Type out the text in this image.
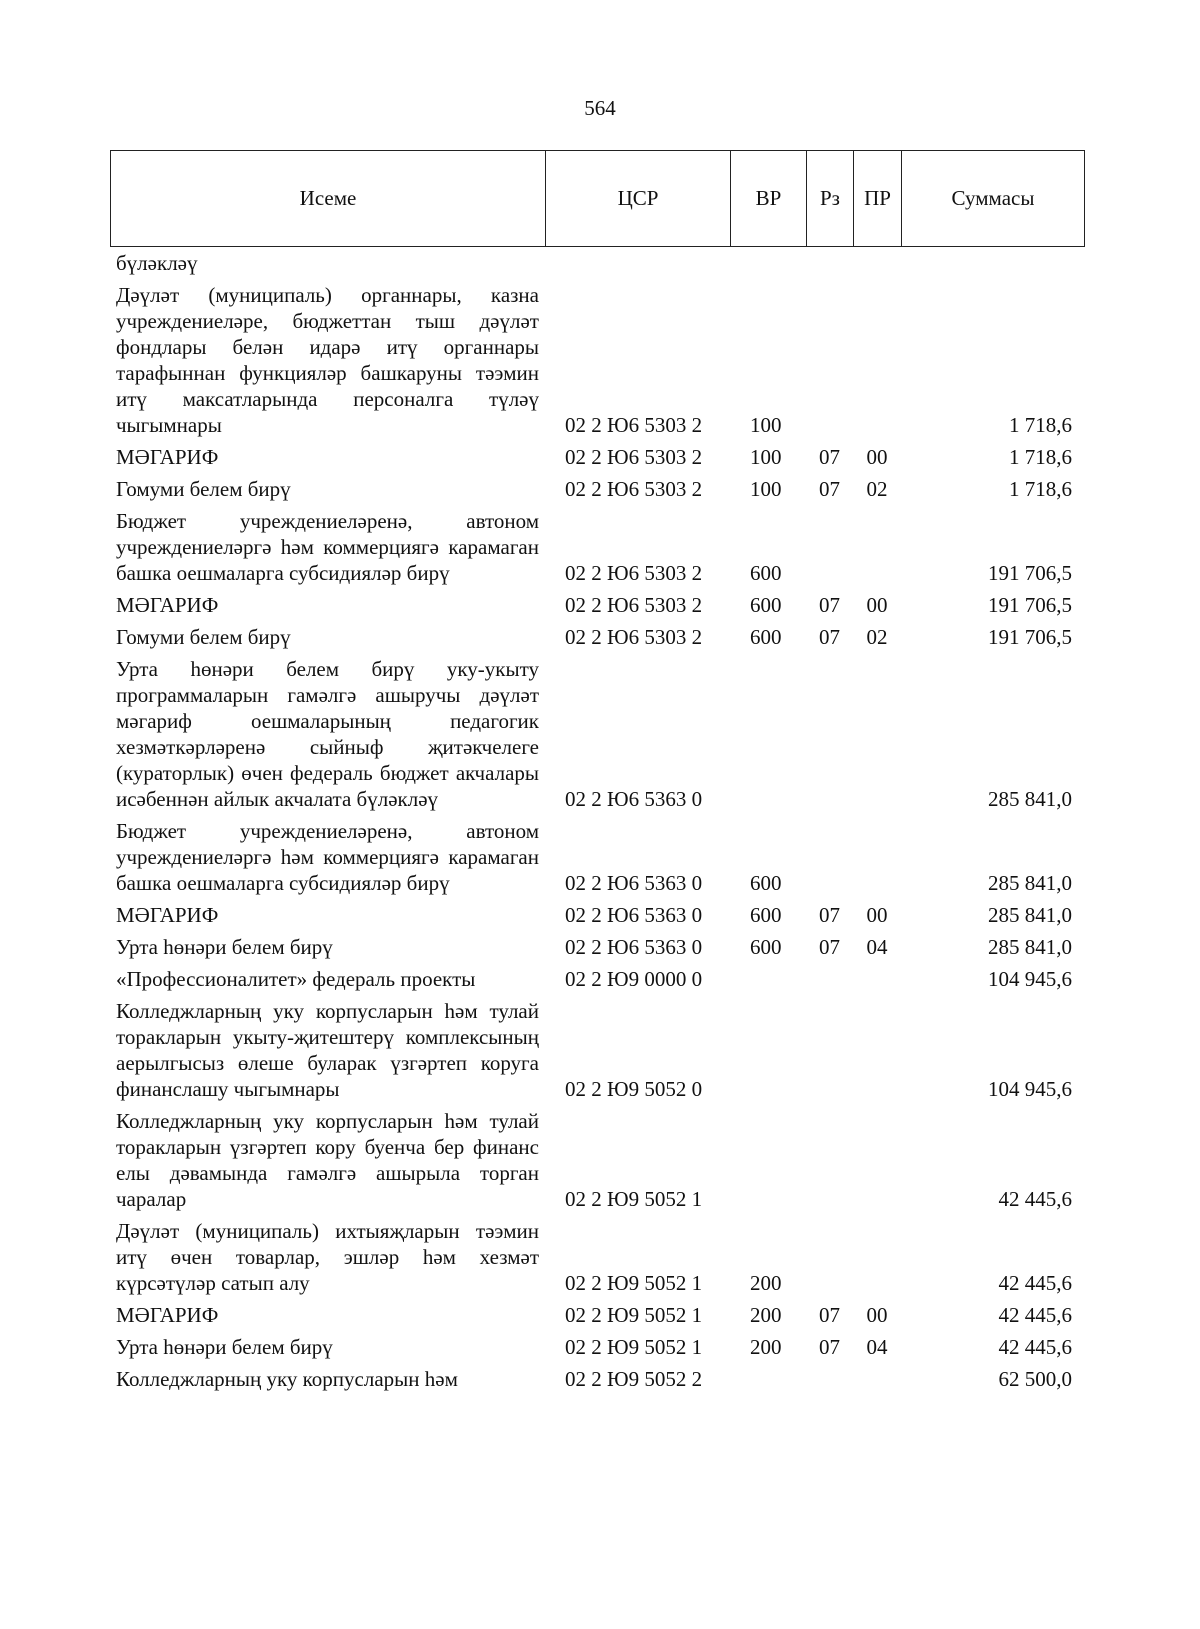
564
Исеме	ЦСР	ВР	Рз	ПР	Суммасы
бүләкләү					
Дәүләт (муниципаль) органнары, казна учреждениеләре, бюджеттан тыш дәүләт фондлары белән идарә итү органнары тарафыннан функцияләр башкаруны тәэмин итү максатларында персоналга түләү чыгымнары	02 2 Ю6 5303 2	100			1 718,6
МӘГАРИФ	02 2 Ю6 5303 2	100	07	00	1 718,6
Гомуми белем бирү	02 2 Ю6 5303 2	100	07	02	1 718,6
Бюджет учреждениеләренә, автоном учреждениеләргә һәм коммерциягә карамаган башка оешмаларга субсидияләр бирү	02 2 Ю6 5303 2	600			191 706,5
МӘГАРИФ	02 2 Ю6 5303 2	600	07	00	191 706,5
Гомуми белем бирү	02 2 Ю6 5303 2	600	07	02	191 706,5
Урта һөнәри белем бирү уку-укыту программаларын гамәлгә ашыручы дәүләт мәгариф оешмаларының педагогик хезмәткәрләренә сыйныф җитәкчелеге (кураторлык) өчен федераль бюджет акчалары исәбеннән айлык акчалата бүләкләү	02 2 Ю6 5363 0				285 841,0
Бюджет учреждениеләренә, автоном учреждениеләргә һәм коммерциягә карамаган башка оешмаларга субсидияләр бирү	02 2 Ю6 5363 0	600			285 841,0
МӘГАРИФ	02 2 Ю6 5363 0	600	07	00	285 841,0
Урта һөнәри белем бирү	02 2 Ю6 5363 0	600	07	04	285 841,0
«Профессионалитет» федераль проекты	02 2 Ю9 0000 0				104 945,6
Колледжларның уку корпусларын һәм тулай торакларын укыту-җитештерү комплексының аерылгысыз өлеше буларак үзгәртеп коруга финанслашу чыгымнары	02 2 Ю9 5052 0				104 945,6
Колледжларның уку корпусларын һәм тулай торакларын үзгәртеп кору буенча бер финанс елы дәвамында гамәлгә ашырыла торган чаралар	02 2 Ю9 5052 1				42 445,6
Дәүләт (муниципаль) ихтыяҗларын тәэмин итү өчен товарлар, эшләр һәм хезмәт күрсәтүләр сатып алу	02 2 Ю9 5052 1	200			42 445,6
МӘГАРИФ	02 2 Ю9 5052 1	200	07	00	42 445,6
Урта һөнәри белем бирү	02 2 Ю9 5052 1	200	07	04	42 445,6
Колледжларның уку корпусларын һәм	02 2 Ю9 5052 2				62 500,0
